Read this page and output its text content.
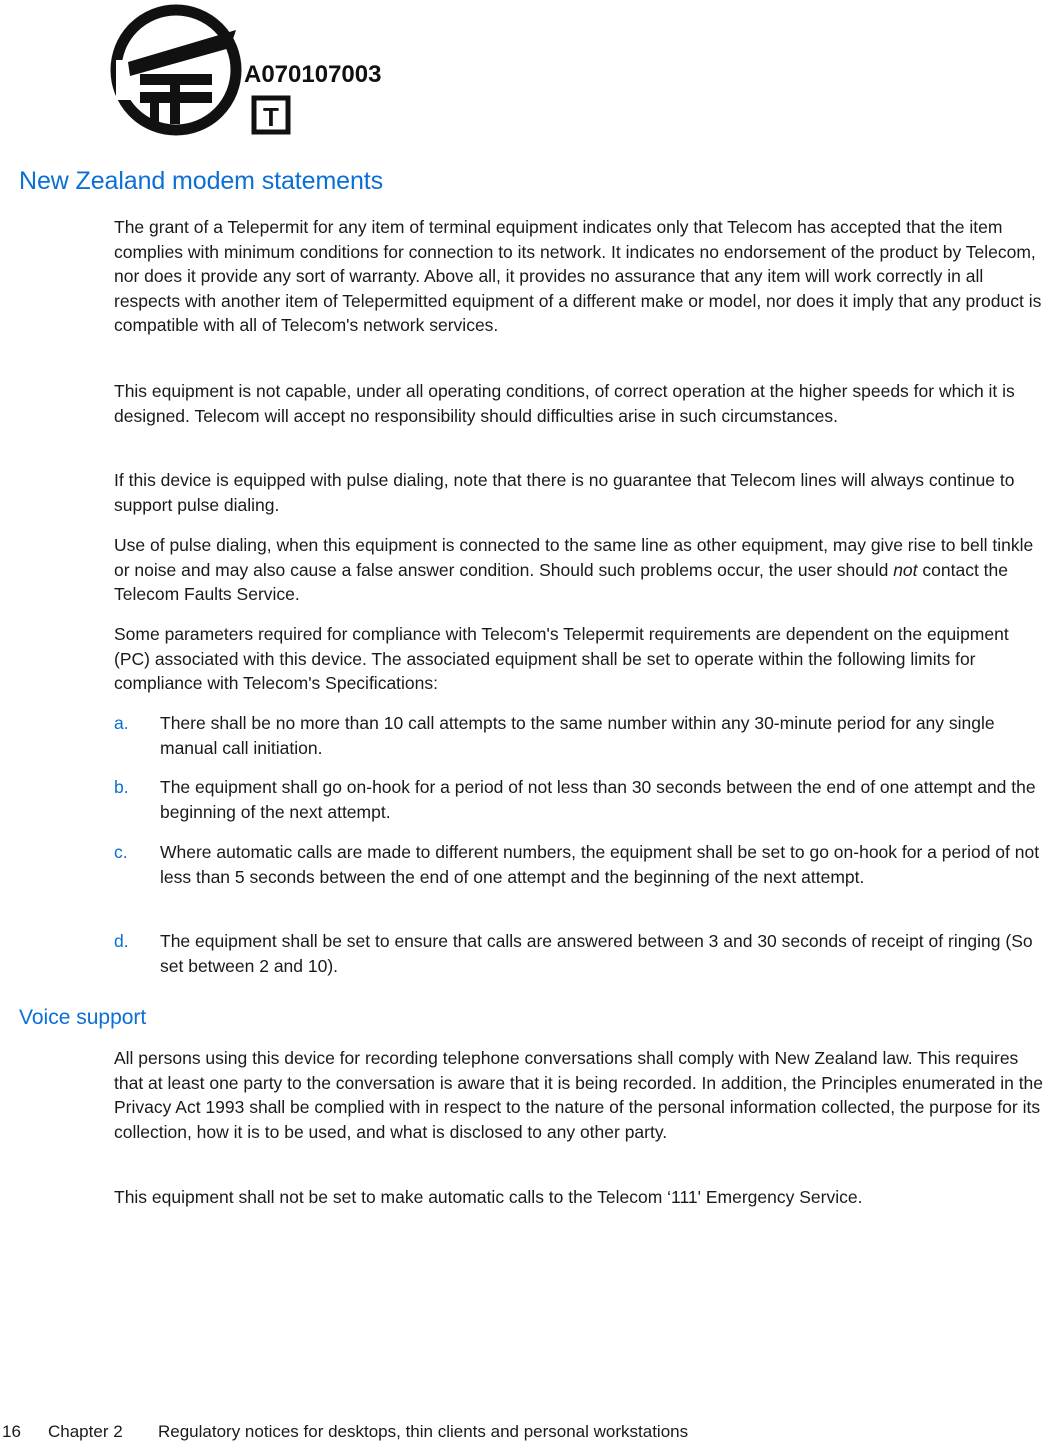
A070107003
T
New Zealand modem statements

The grant of a Telepermit for any item of terminal equipment indicates only that Telecom has accepted that the item complies with minimum conditions for connection to its network. It indicates no endorsement of the product by Telecom, nor does it provide any sort of warranty. Above all, it provides no assurance that any item will work correctly in all respects with another item of Telepermitted equipment of a different make or model, nor does it imply that any product is compatible with all of Telecom's network services.

This equipment is not capable, under all operating conditions, of correct operation at the higher speeds for which it is designed. Telecom will accept no responsibility should difficulties arise in such circumstances.

If this device is equipped with pulse dialing, note that there is no guarantee that Telecom lines will always continue to support pulse dialing.

Use of pulse dialing, when this equipment is connected to the same line as other equipment, may give rise to bell tinkle or noise and may also cause a false answer condition. Should such problems occur, the user should not contact the Telecom Faults Service.

Some parameters required for compliance with Telecom's Telepermit requirements are dependent on the equipment (PC) associated with this device. The associated equipment shall be set to operate within the following limits for compliance with Telecom's Specifications:

a. There shall be no more than 10 call attempts to the same number within any 30-minute period for any single manual call initiation.
b. The equipment shall go on-hook for a period of not less than 30 seconds between the end of one attempt and the beginning of the next attempt.
c. Where automatic calls are made to different numbers, the equipment shall be set to go on-hook for a period of not less than 5 seconds between the end of one attempt and the beginning of the next attempt.
d. The equipment shall be set to ensure that calls are answered between 3 and 30 seconds of receipt of ringing (So set between 2 and 10).
Voice support

All persons using this device for recording telephone conversations shall comply with New Zealand law. This requires that at least one party to the conversation is aware that it is being recorded. In addition, the Principles enumerated in the Privacy Act 1993 shall be complied with in respect to the nature of the personal information collected, the purpose for its collection, how it is to be used, and what is disclosed to any other party.

This equipment shall not be set to make automatic calls to the Telecom ‘111' Emergency Service.

16 Chapter 2 Regulatory notices for desktops, thin clients and personal workstations
